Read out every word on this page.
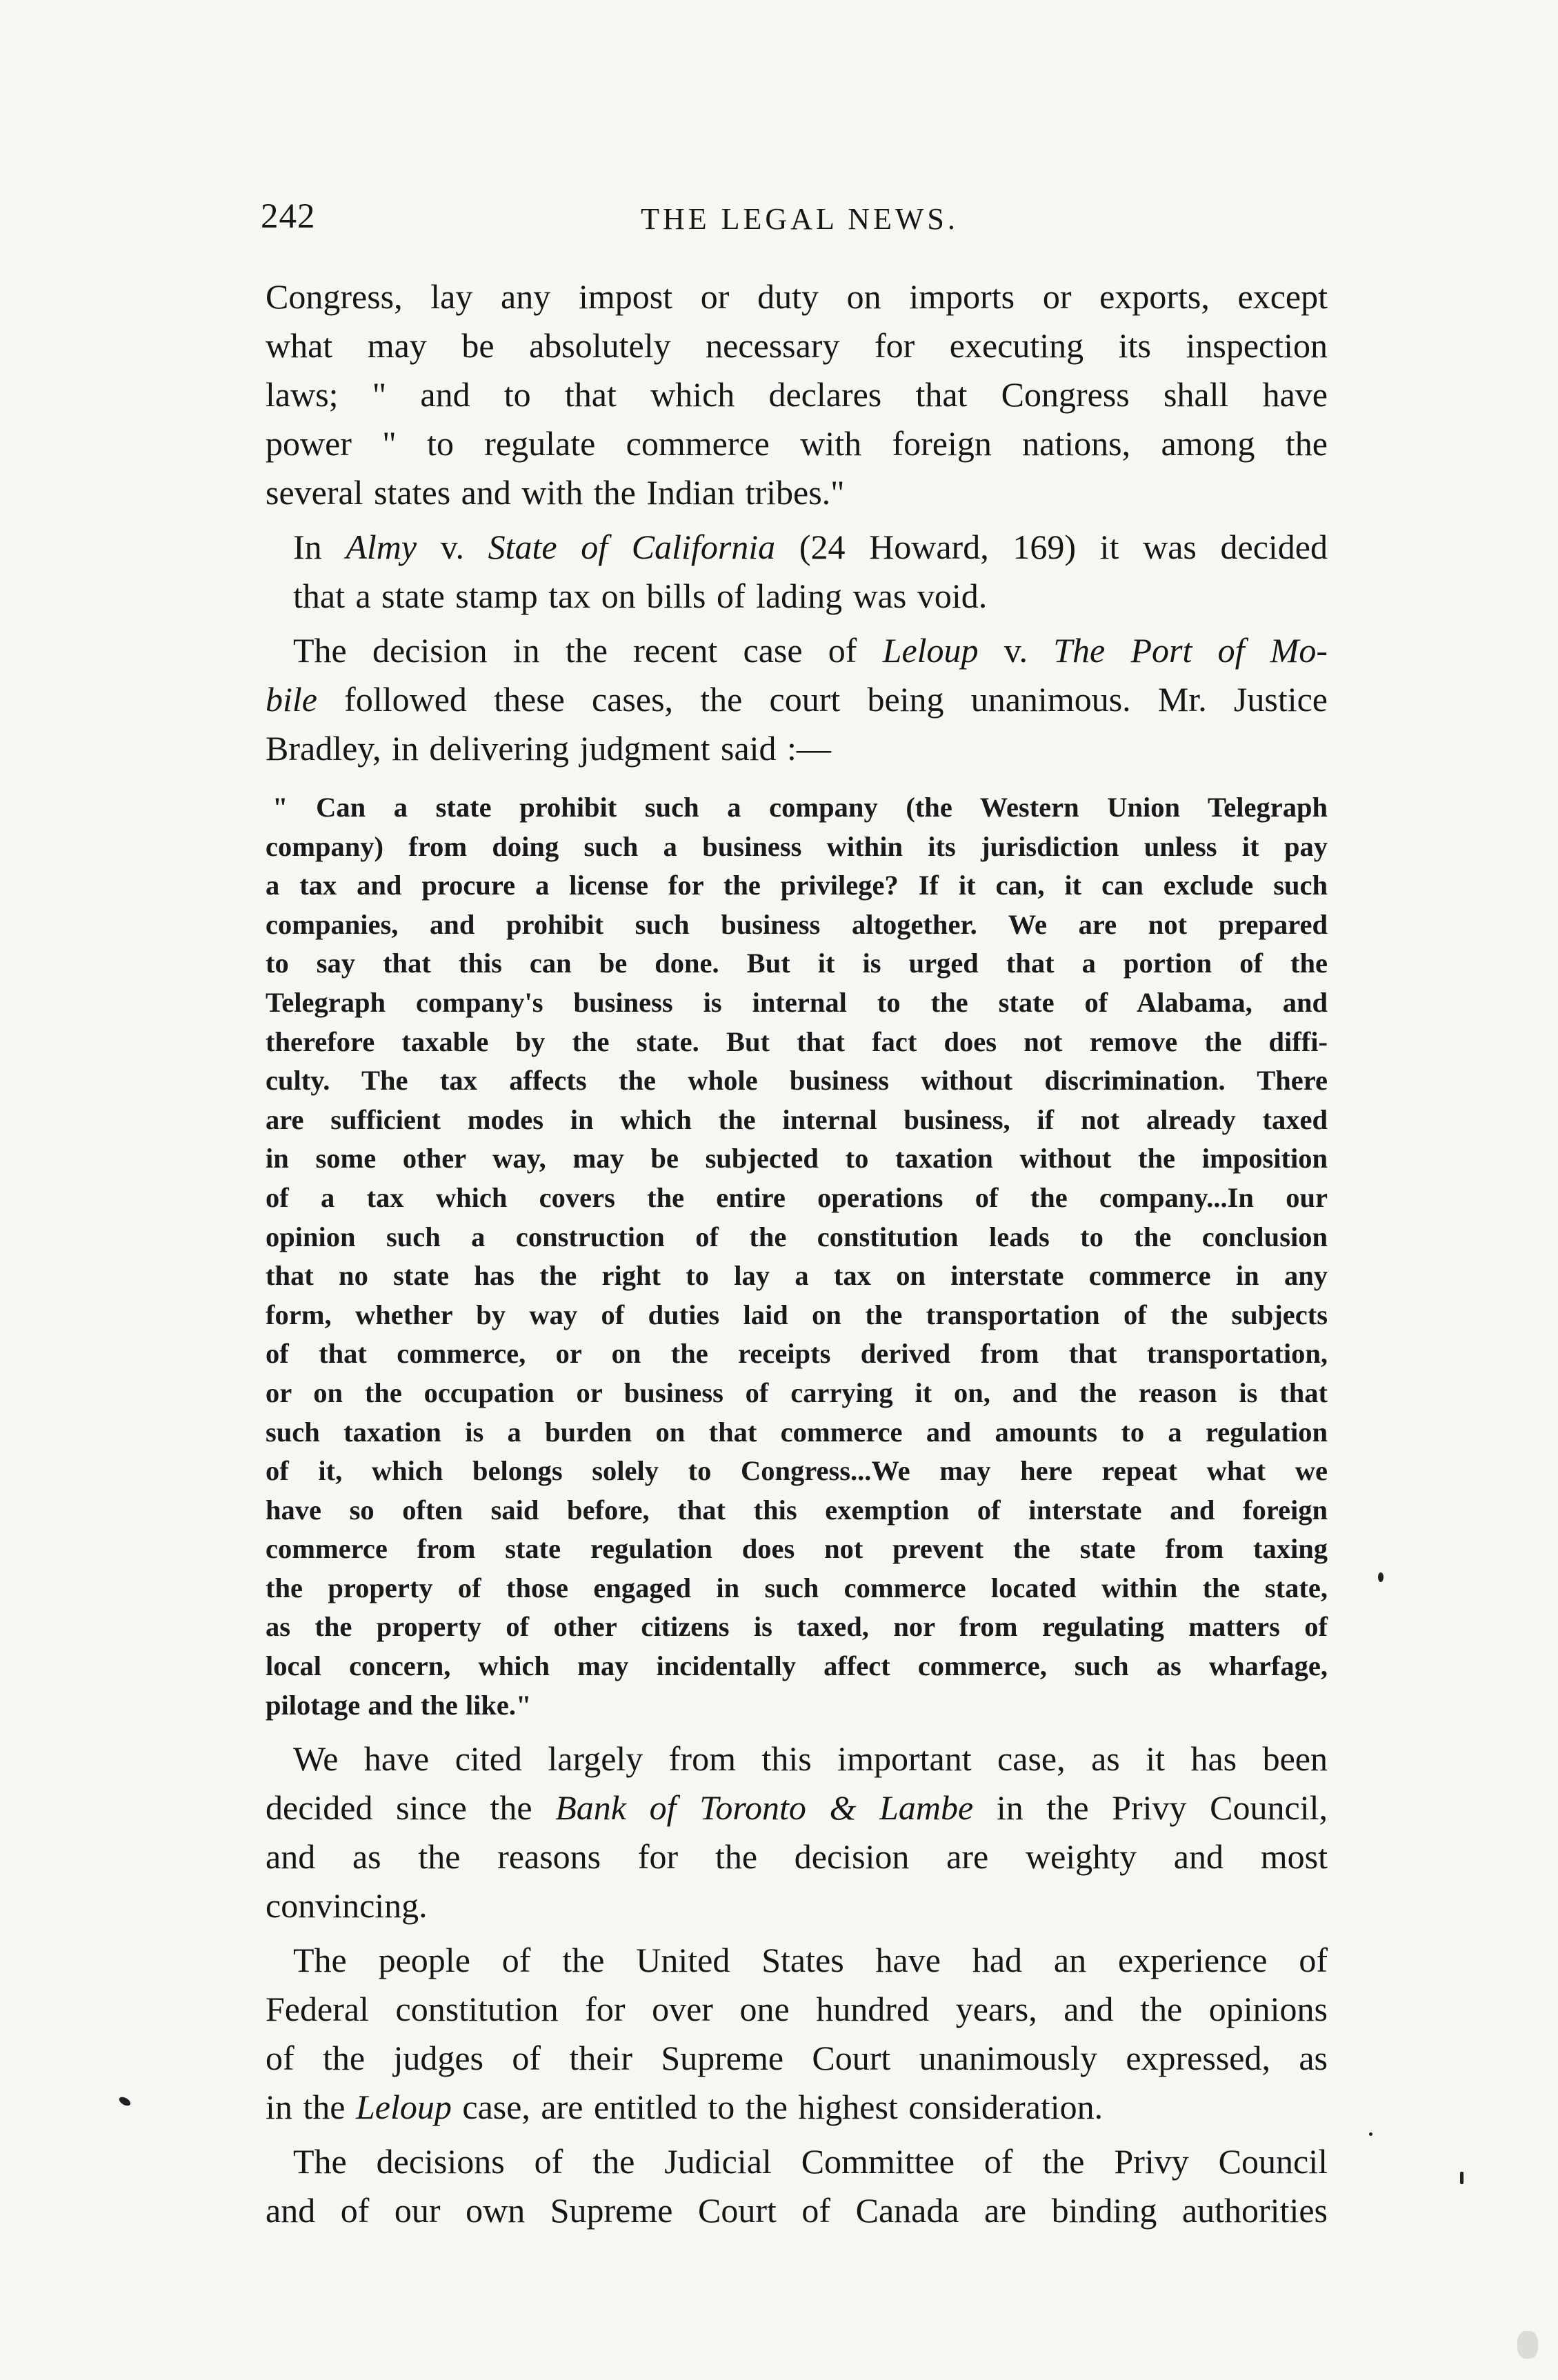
242	THE LEGAL NEWS.

Congress, lay any impost or duty on imports or exports, except
what may be absolutely necessary for executing its inspection
laws; " and to that which declares that Congress shall have
power " to regulate commerce with foreign nations, among the
several states and with the Indian tribes."

In Almy v. State of California (24 Howard, 169) it was decided
that a state stamp tax on bills of lading was void.

The decision in the recent case of Leloup v. The Port of Mo-
bile followed these cases, the court being unanimous. Mr. Justice
Bradley, in delivering judgment said :—

" Can a state prohibit such a company (the Western Union Telegraph
company) from doing such a business within its jurisdiction unless it pay
a tax and procure a license for the privilege? If it can, it can exclude such
companies, and prohibit such business altogether. We are not prepared
to say that this can be done. But it is urged that a portion of the
Telegraph company's business is internal to the state of Alabama, and
therefore taxable by the state. But that fact does not remove the diffi-
culty. The tax affects the whole business without discrimination. There
are sufficient modes in which the internal business, if not already taxed
in some other way, may be subjected to taxation without the imposition
of a tax which covers the entire operations of the company...In our
opinion such a construction of the constitution leads to the conclusion
that no state has the right to lay a tax on interstate commerce in any
form, whether by way of duties laid on the transportation of the subjects
of that commerce, or on the receipts derived from that transportation,
or on the occupation or business of carrying it on, and the reason is that
such taxation is a burden on that commerce and amounts to a regulation
of it, which belongs solely to Congress...We may here repeat what we
have so often said before, that this exemption of interstate and foreign
commerce from state regulation does not prevent the state from taxing
the property of those engaged in such commerce located within the state,
as the property of other citizens is taxed, nor from regulating matters of
local concern, which may incidentally affect commerce, such as wharfage,
pilotage and the like."

We have cited largely from this important case, as it has been
decided since the Bank of Toronto & Lambe in the Privy Council,
and as the reasons for the decision are weighty and most
convincing.

The people of the United States have had an experience of
Federal constitution for over one hundred years, and the opinions
of the judges of their Supreme Court unanimously expressed, as
in the Leloup case, are entitled to the highest consideration.

The decisions of the Judicial Committee of the Privy Council
and of our own Supreme Court of Canada are binding authorities
